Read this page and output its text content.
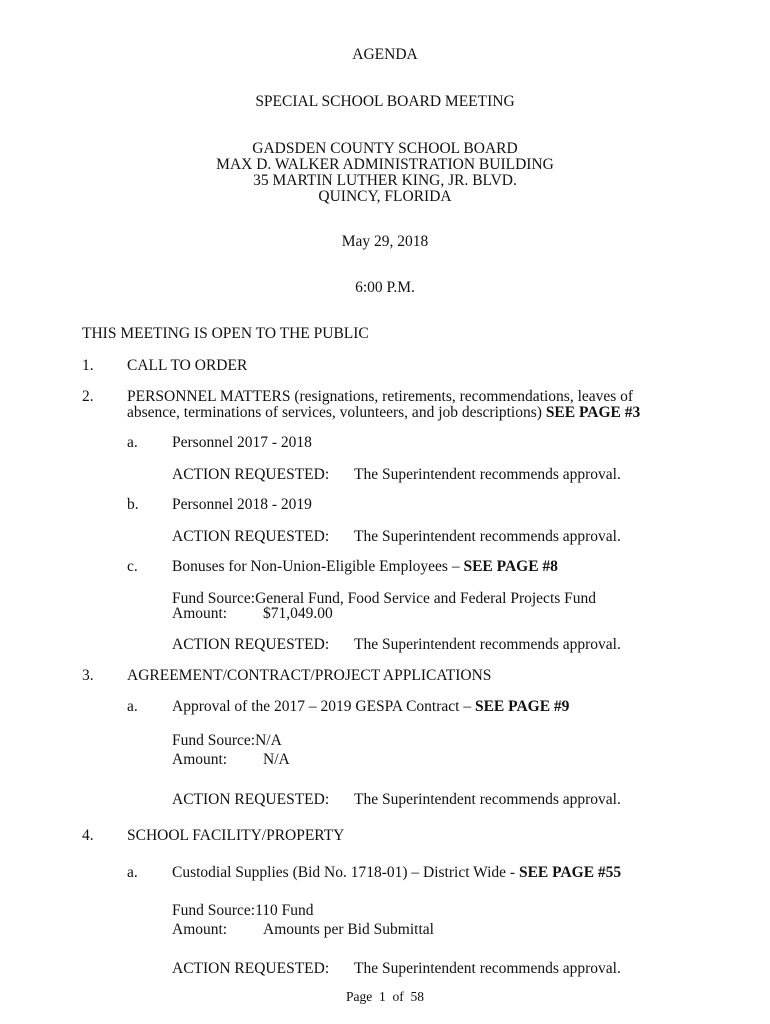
AGENDA
SPECIAL SCHOOL BOARD MEETING
GADSDEN COUNTY SCHOOL BOARD
MAX D. WALKER ADMINISTRATION BUILDING
35 MARTIN LUTHER KING, JR. BLVD.
QUINCY, FLORIDA
May 29, 2018
6:00 P.M.
THIS MEETING IS OPEN TO THE PUBLIC
1. CALL TO ORDER
2. PERSONNEL MATTERS (resignations, retirements, recommendations, leaves of
absence, terminations of services, volunteers, and job descriptions) SEE PAGE #3
a. Personnel 2017 - 2018
ACTION REQUESTED: The Superintendent recommends approval.
b. Personnel 2018 - 2019
ACTION REQUESTED: The Superintendent recommends approval.
c. Bonuses for Non-Union-Eligible Employees – SEE PAGE #8
Fund Source:General Fund, Food Service and Federal Projects Fund
Amount: $71,049.00
ACTION REQUESTED: The Superintendent recommends approval.
3. AGREEMENT/CONTRACT/PROJECT APPLICATIONS
a. Approval of the 2017 – 2019 GESPA Contract – SEE PAGE #9
Fund Source:N/A
Amount: N/A
ACTION REQUESTED: The Superintendent recommends approval.
4. SCHOOL FACILITY/PROPERTY
a. Custodial Supplies (Bid No. 1718-01) – District Wide - SEE PAGE #55
Fund Source:110 Fund
Amount: Amounts per Bid Submittal
ACTION REQUESTED: The Superintendent recommends approval.
Page 1 of 58
